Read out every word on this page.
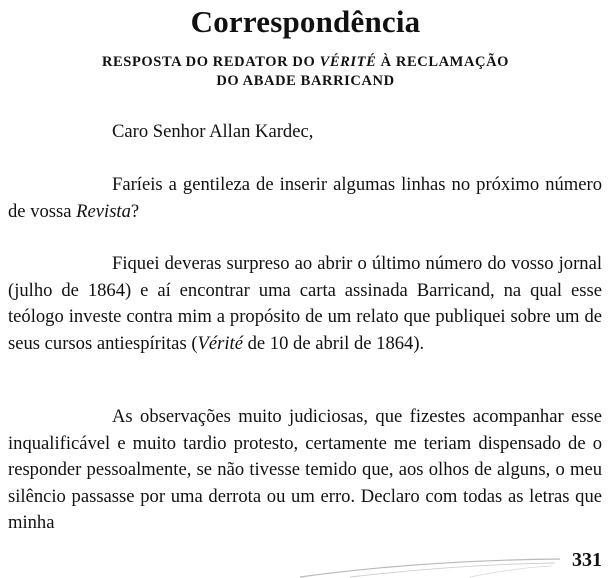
Correspondência

RESPOSTA DO REDATOR DO VÉRITÉ À RECLAMAÇÃO
DO ABADE BARRICAND

Caro Senhor Allan Kardec,

Faríeis a gentileza de inserir algumas linhas no próximo número de vossa Revista?

Fiquei deveras surpreso ao abrir o último número do vosso jornal (julho de 1864) e aí encontrar uma carta assinada Barricand, na qual esse teólogo investe contra mim a propósito de um relato que publiquei sobre um de seus cursos antiespíritas (Vérité de 10 de abril de 1864).

As observações muito judiciosas, que fizestes acompanhar esse inqualificável e muito tardio protesto, certamente me teriam dispensado de o responder pessoalmente, se não tivesse temido que, aos olhos de alguns, o meu silêncio passasse por uma derrota ou um erro. Declaro com todas as letras que minha

331
